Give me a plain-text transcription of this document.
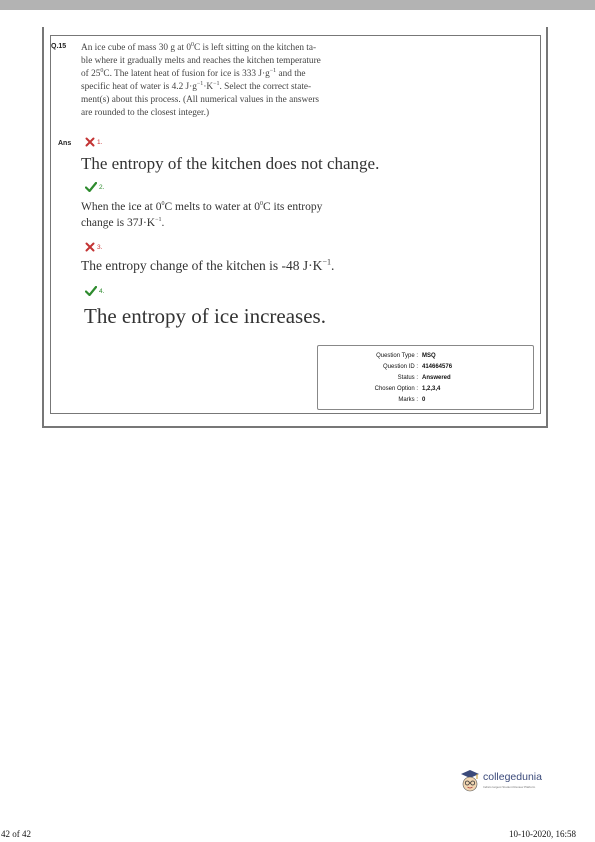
Q.15 An ice cube of mass 30 g at $0^0C$ is left sitting on the kitchen ta-
ble where it gradually melts and reaches the kitchen temperature
of $25^0C$. The latent heat of fusion for ice is 333 $J\cdot g^{-1}$ and the
specific heat of water is 4.2 $J\cdot g^{-1}\cdot K^{-1}$. Select the correct state-
ment(s) about this process. (All numerical values in the answers
are rounded to the closest integer.)
Ans	1.
The entropy of the kitchen does not change.
2.
When the ice at $0^0C$ melts to water at $0^0C$ its entropy
change is $37J\cdot K^{-1}$.
3.
The entropy change of the kitchen is -48 $J\cdot K^{-1}$.
4.
The entropy of ice increases.
Question Type : MSQ
Question ID : 414664576
Status : Answered
Chosen Option : 1,2,3,4
Marks : 0
collegedunia
India's largest Student Review Platform
42 of 42	10-10-2020, 16:58
